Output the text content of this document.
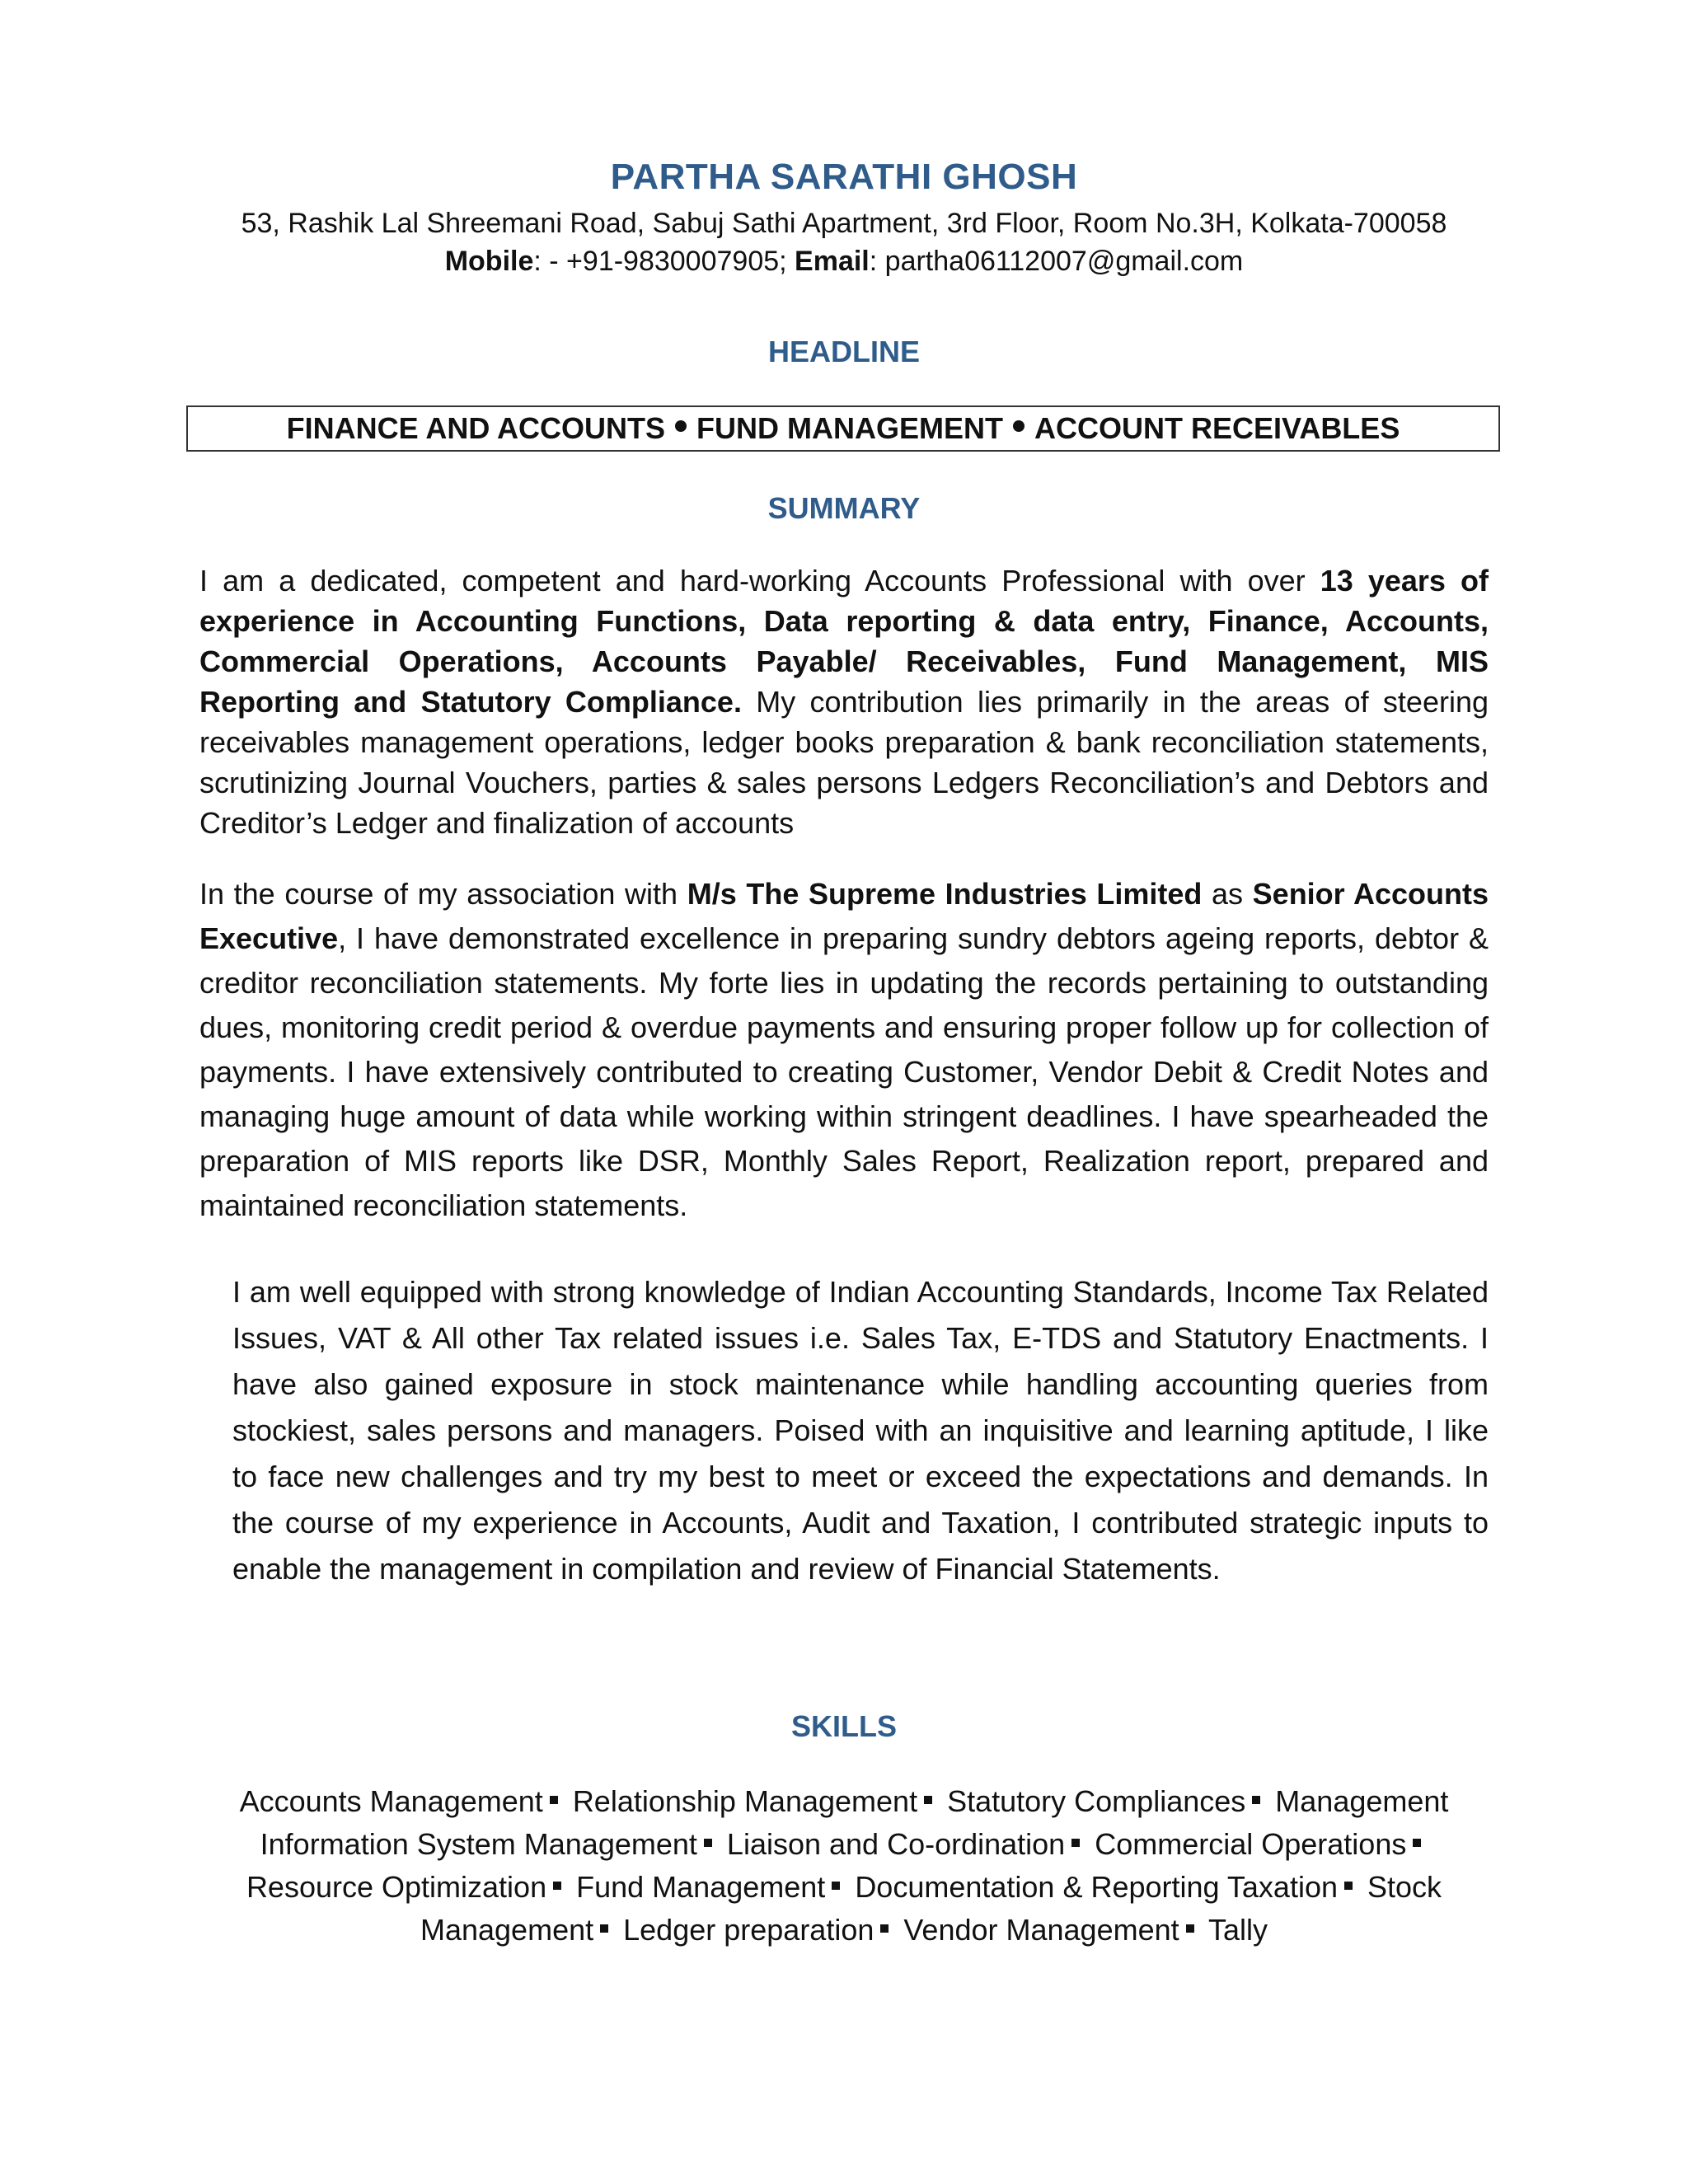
PARTHA SARATHI GHOSH
53, Rashik Lal Shreemani Road, Sabuj Sathi Apartment, 3rd Floor, Room No.3H, Kolkata-700058
Mobile: - +91-9830007905; Email: partha06112007@gmail.com
HEADLINE
FINANCE AND ACCOUNTS FUND MANAGEMENT ACCOUNT RECEIVABLES
SUMMARY
I am a dedicated, competent and hard-working Accounts Professional with over 13 years of experience in Accounting Functions, Data reporting & data entry, Finance, Accounts, Commercial Operations, Accounts Payable/ Receivables, Fund Management, MIS Reporting and Statutory Compliance. My contribution lies primarily in the areas of steering receivables management operations, ledger books preparation & bank reconciliation statements, scrutinizing Journal Vouchers, parties & sales persons Ledgers Reconciliation’s and Debtors and Creditor’s Ledger and finalization of accounts
In the course of my association with M/s The Supreme Industries Limited as Senior Accounts Executive, I have demonstrated excellence in preparing sundry debtors ageing reports, debtor & creditor reconciliation statements. My forte lies in updating the records pertaining to outstanding dues, monitoring credit period & overdue payments and ensuring proper follow up for collection of payments. I have extensively contributed to creating Customer, Vendor Debit & Credit Notes and managing huge amount of data while working within stringent deadlines. I have spearheaded the preparation of MIS reports like DSR, Monthly Sales Report, Realization report, prepared and maintained reconciliation statements.
I am well equipped with strong knowledge of Indian Accounting Standards, Income Tax Related Issues, VAT & All other Tax related issues i.e. Sales Tax, E-TDS and Statutory Enactments. I have also gained exposure in stock maintenance while handling accounting queries from stockiest, sales persons and managers. Poised with an inquisitive and learning aptitude, I like to face new challenges and try my best to meet or exceed the expectations and demands. In the course of my experience in Accounts, Audit and Taxation, I contributed strategic inputs to enable the management in compilation and review of Financial Statements.
SKILLS
Accounts Management Relationship Management Statutory Compliances Management Information System Management Liaison and Co-ordination Commercial Operations Resource Optimization Fund Management Documentation & Reporting Taxation Stock Management Ledger preparation Vendor Management Tally
